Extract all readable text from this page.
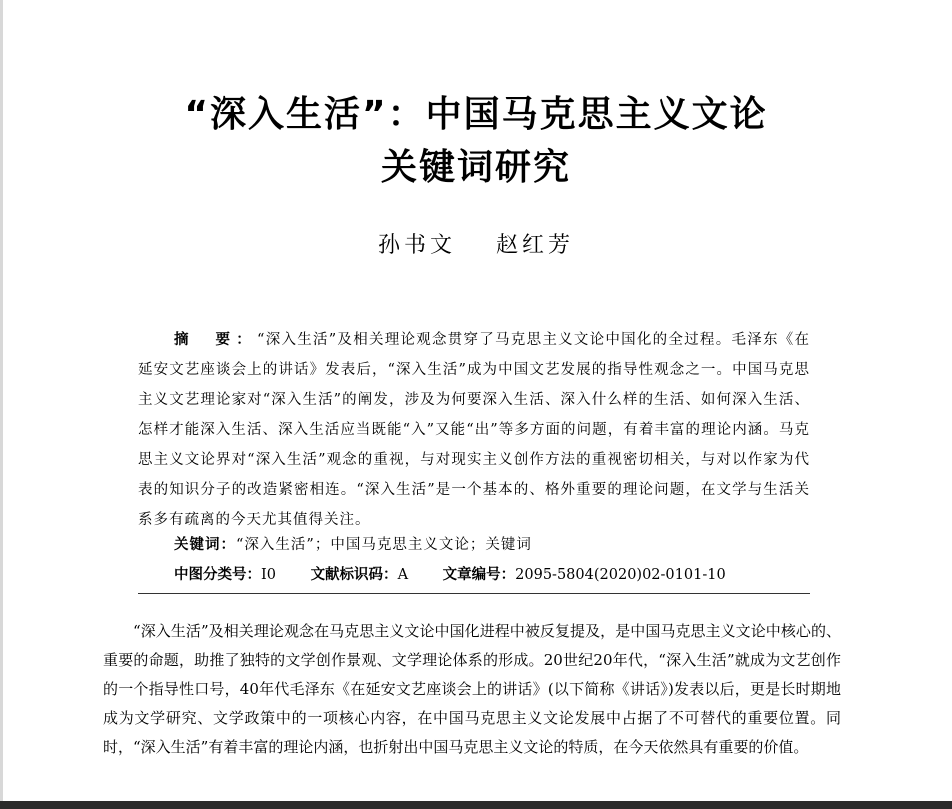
“深入生活”：中国马克思主义文论
关键词研究
孙书文 赵红芳
摘　要：“深入生活”及相关理论观念贯穿了马克思主义文论中国化的全过程。毛泽东《在延安文艺座谈会上的讲话》发表后，“深入生活”成为中国文艺发展的指导性观念之一。中国马克思主义文艺理论家对“深入生活”的阐发，涉及为何要深入生活、深入什么样的生活、如何深入生活、怎样才能深入生活、深入生活应当既能“入”又能“出”等多方面的问题，有着丰富的理论内涵。马克思主义文论界对“深入生活”观念的重视，与对现实主义创作方法的重视密切相关，与对以作家为代表的知识分子的改造紧密相连。“深入生活”是一个基本的、格外重要的理论问题，在文学与生活关系多有疏离的今天尤其值得关注。
关键词：“深入生活”；中国马克思主义文论；关键词
中图分类号：I0 文献标识码：A 文章编号：2095-5804(2020)02-0101-10
“深入生活”及相关理论观念在马克思主义文论中国化进程中被反复提及，是中国马克思主义文论中核心的、重要的命题，助推了独特的文学创作景观、文学理论体系的形成。20世纪20年代，“深入生活”就成为文艺创作的一个指导性口号，40年代毛泽东《在延安文艺座谈会上的讲话》(以下简称《讲话》)发表以后，更是长时期地成为文学研究、文学政策中的一项核心内容，在中国马克思主义文论发展中占据了不可替代的重要位置。同时，“深入生活”有着丰富的理论内涵，也折射出中国马克思主义文论的特质，在今天依然具有重要的价值。
